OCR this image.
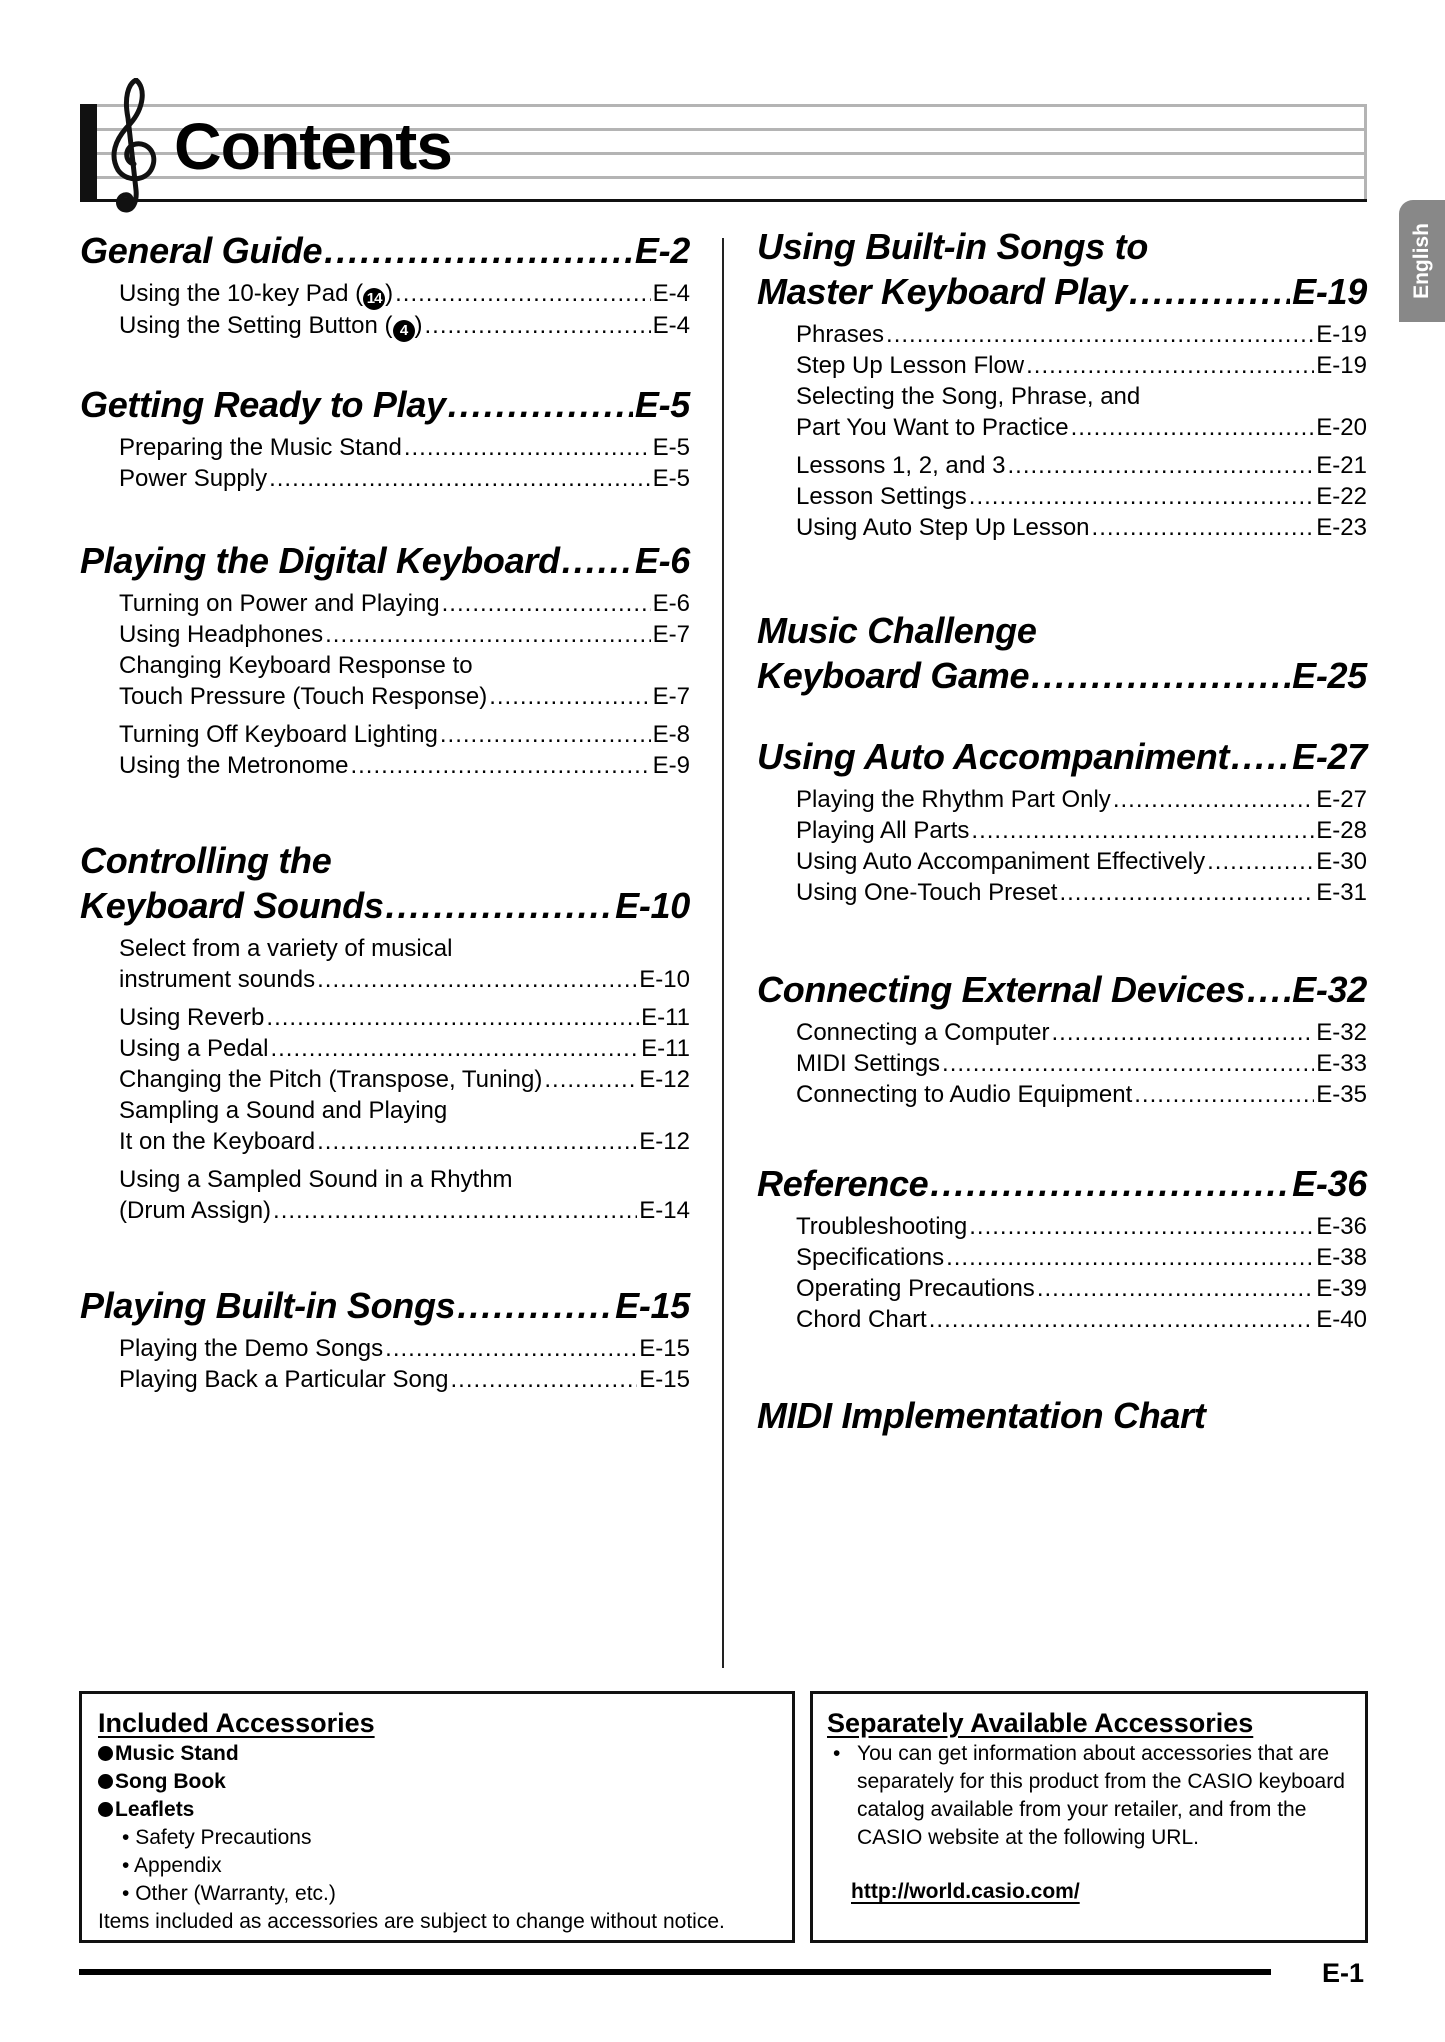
Contents
English
General Guide .....	E-2
Using the 10-key Pad ( 14 ) .....	E-4
Using the Setting Button ( 4 ) .....	E-4
Getting Ready to Play .....	E-5
Preparing the Music Stand .....	E-5
Power Supply .....	E-5
Playing the Digital Keyboard ..... E-6
Turning on Power and Playing .....	E-6
Using Headphones .....	E-7
Changing Keyboard Response to
Touch Pressure (Touch Response) .....	E-7
Turning Off Keyboard Lighting .....	E-8
Using the Metronome .....	E-9
Controlling the
Keyboard Sounds .....	E-10
Select from a variety of musical
instrument sounds .....	E-10
Using Reverb .....	E-11
Using a Pedal .....	E-11
Changing the Pitch (Transpose, Tuning) .....	E-12
Sampling a Sound and Playing
It on the Keyboard .....	E-12
Using a Sampled Sound in a Rhythm
(Drum Assign) .....	E-14
Playing Built-in Songs .....	E-15
Playing the Demo Songs .....	E-15
Playing Back a Particular Song .....	E-15
Using Built-in Songs to
Master Keyboard Play .....	E-19
Phrases .....	E-19
Step Up Lesson Flow .....	E-19
Selecting the Song, Phrase, and
Part You Want to Practice .....	E-20
Lessons 1, 2, and 3 .....	E-21
Lesson Settings .....	E-22
Using Auto Step Up Lesson .....	E-23
Music Challenge
Keyboard Game .....	E-25
Using Auto Accompaniment ..... E-27
Playing the Rhythm Part Only .....	E-27
Playing All Parts .....	E-28
Using Auto Accompaniment Effectively .....	E-30
Using One-Touch Preset .....	E-31
Connecting External Devices ..... E-32
Connecting a Computer .....	E-32
MIDI Settings .....	E-33
Connecting to Audio Equipment .....	E-35
Reference .....	E-36
Troubleshooting .....	E-36
Specifications .....	E-38
Operating Precautions .....	E-39
Chord Chart .....	E-40
MIDI Implementation Chart
Included Accessories
Music Stand
Song Book
Leaflets
• Safety Precautions
• Appendix
• Other (Warranty, etc.)
Items included as accessories are subject to change without notice.
Separately Available Accessories
• You can get information about accessories that are separately for this product from the CASIO keyboard catalog available from your retailer, and from the CASIO website at the following URL.
http://world.casio.com/
E-1
